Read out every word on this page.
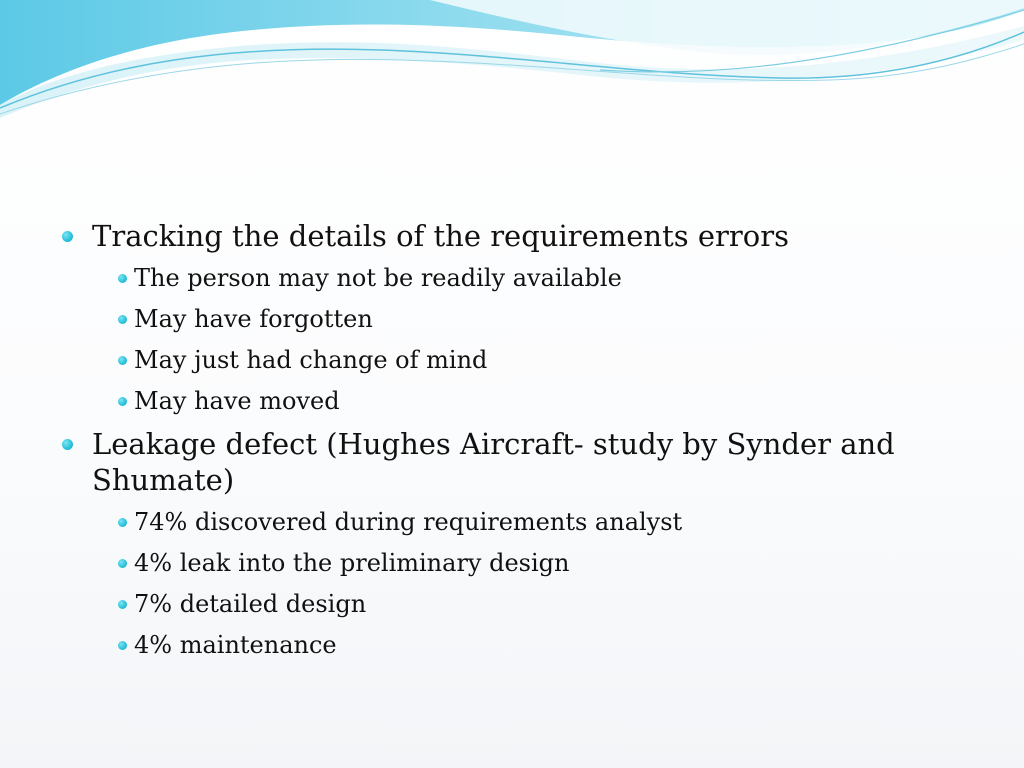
Tracking the details of the requirements errors
The person may not be readily available
May have forgotten
May just had change of mind
May have moved
Leakage defect (Hughes Aircraft- study by Synder and Shumate)
74% discovered during requirements analyst
4% leak into the preliminary design
7% detailed design
4% maintenance
